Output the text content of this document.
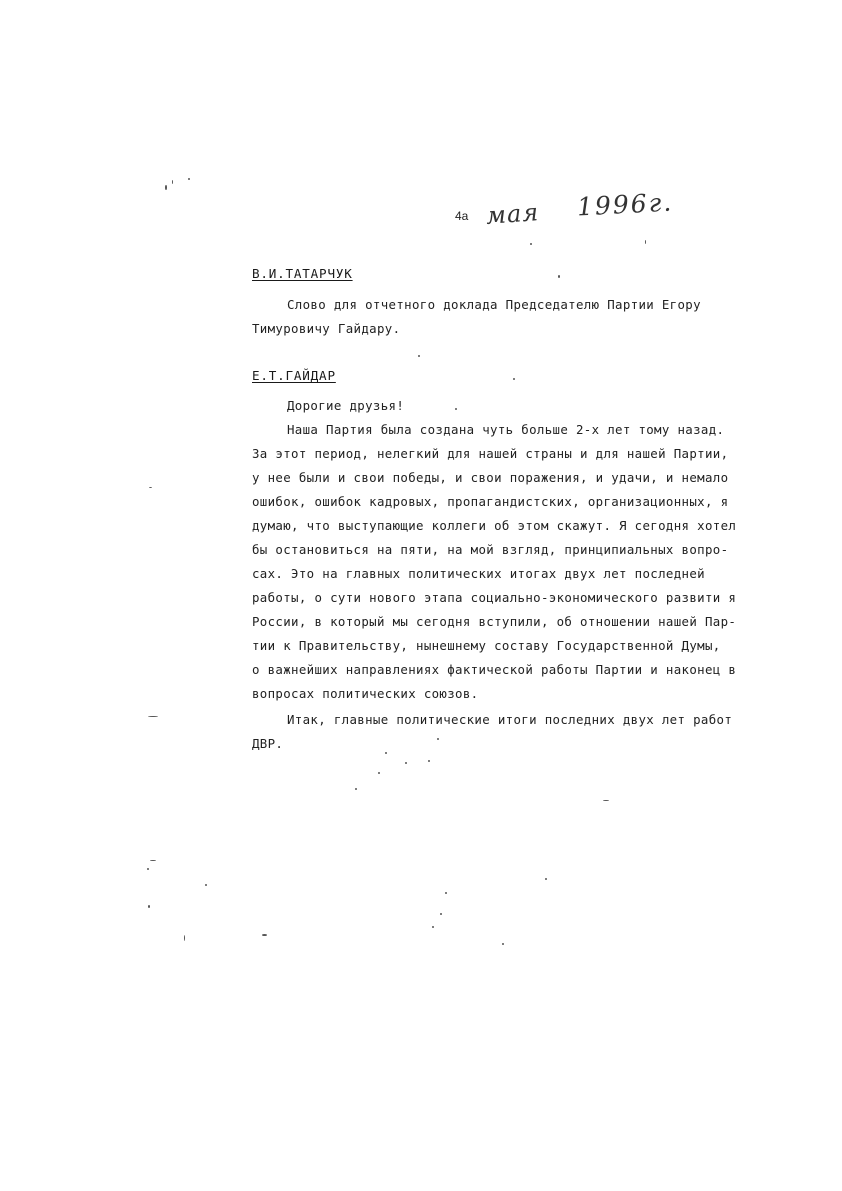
4а мая 1996г.
В.И.ТАТАРЧУК
Слово для отчетного доклада Председателю Партии Егору
Тимуровичу Гайдару.
Е.Т.ГАЙДАР
Дорогие друзья!
Наша Партия была создана чуть больше 2-х лет тому назад.
За этот период, нелегкий для нашей страны и для нашей Партии,
у нее были и свои победы, и свои поражения, и удачи, и немало
ошибок, ошибок кадровых, пропагандистских, организационных, я
думаю, что выступающие коллеги об этом скажут. Я сегодня хотел
бы остановиться на пяти, на мой взгляд, принципиальных вопро-
сах. Это на главных политических итогах двух лет последней
работы, о сути нового этапа социально-экономического развити я
России, в который мы сегодня вступили, об отношении нашей Пар-
тии к Правительству, нынешнему составу Государственной Думы,
о важнейших направлениях фактической работы Партии и наконец в
вопросах политических союзов.
Итак, главные политические итоги последних двух лет работ
ДВР.
